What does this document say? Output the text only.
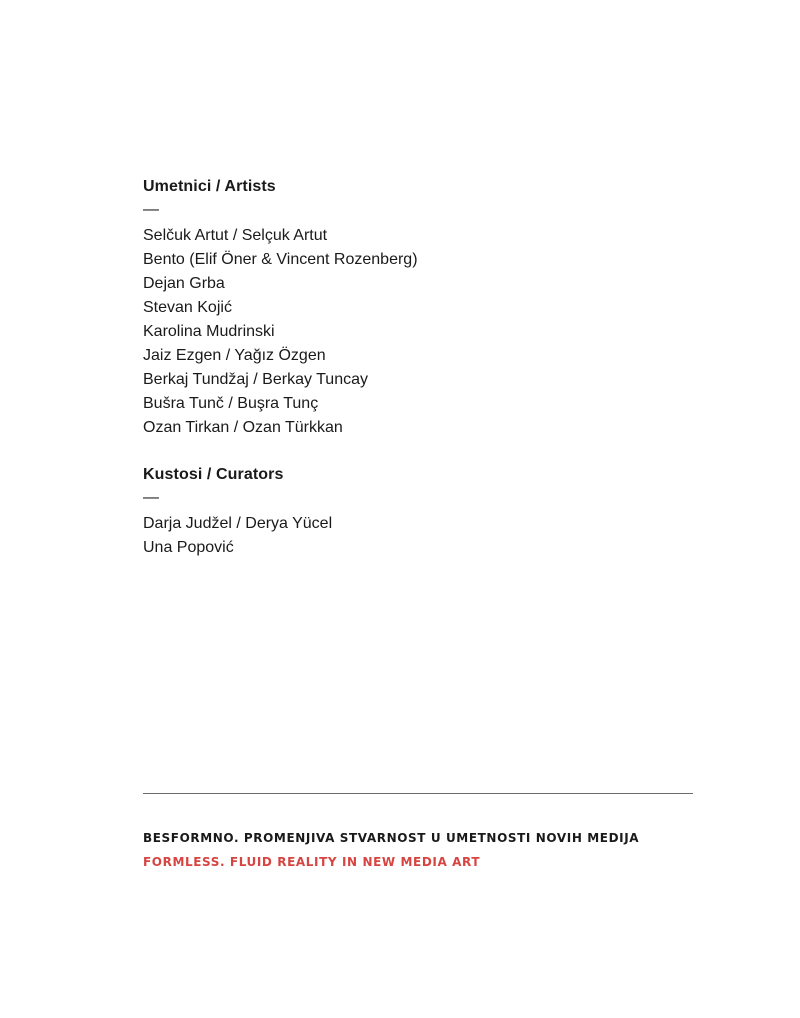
Umetnici / Artists
—
Selčuk Artut / Selçuk Artut
Bento (Elif Öner & Vincent Rozenberg)
Dejan Grba
Stevan Kojić
Karolina Mudrinski
Jaiz Ezgen / Yağız Özgen
Berkaj Tundžaj / Berkay Tuncay
Bušra Tunč / Buşra Tunç
Ozan Tirkan / Ozan Türkkan
Kustosi / Curators
—
Darja Judžel / Derya Yücel
Una Popović

BESFORMNO. PROMENJIVA STVARNOST U UMETNOSTI NOVIH MEDIJA

FORMLESS. FLUID REALITY IN NEW MEDIA ART
